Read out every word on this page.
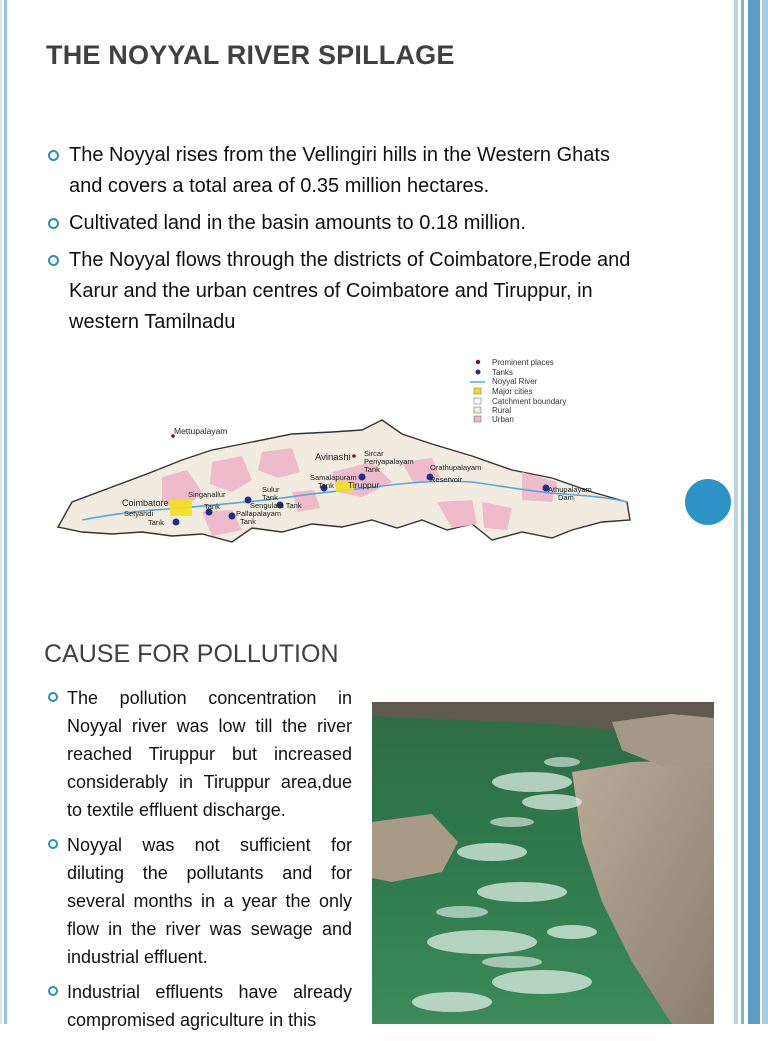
THE NOYYAL RIVER SPILLAGE
The Noyyal rises from the Vellingiri hills in the Western Ghats and covers a total area of 0.35 million hectares.
Cultivated land in the basin amounts to 0.18 million.
The Noyyal flows through the districts of Coimbatore,Erode and Karur and the urban centres of Coimbatore and Tiruppur, in western Tamilnadu
Prominent places
Tanks
Noyyal River
Major cities
Catchment boundary
Rural
Urban
Mettupalayam
Avinashi Sircar
Periyapalayam
Tank	Orathupalayam
Reservoir
Samalapuram
Tank Tiruppur	Athupalayam
Dam
Sulur
Tank
Coimbatore
Singanallur
Tank	Sengulam Tank
Setyandi
Tank
Pallapalayam
Tank
CAUSE FOR POLLUTION
The pollution concentration in Noyyal river was low till the river reached Tiruppur but increased considerably in Tiruppur area,due to textile effluent discharge.
Noyyal was not sufficient for diluting the pollutants and for several months in a year the only flow in the river was sewage and industrial effluent.
Industrial effluents have already compromised agriculture in this
